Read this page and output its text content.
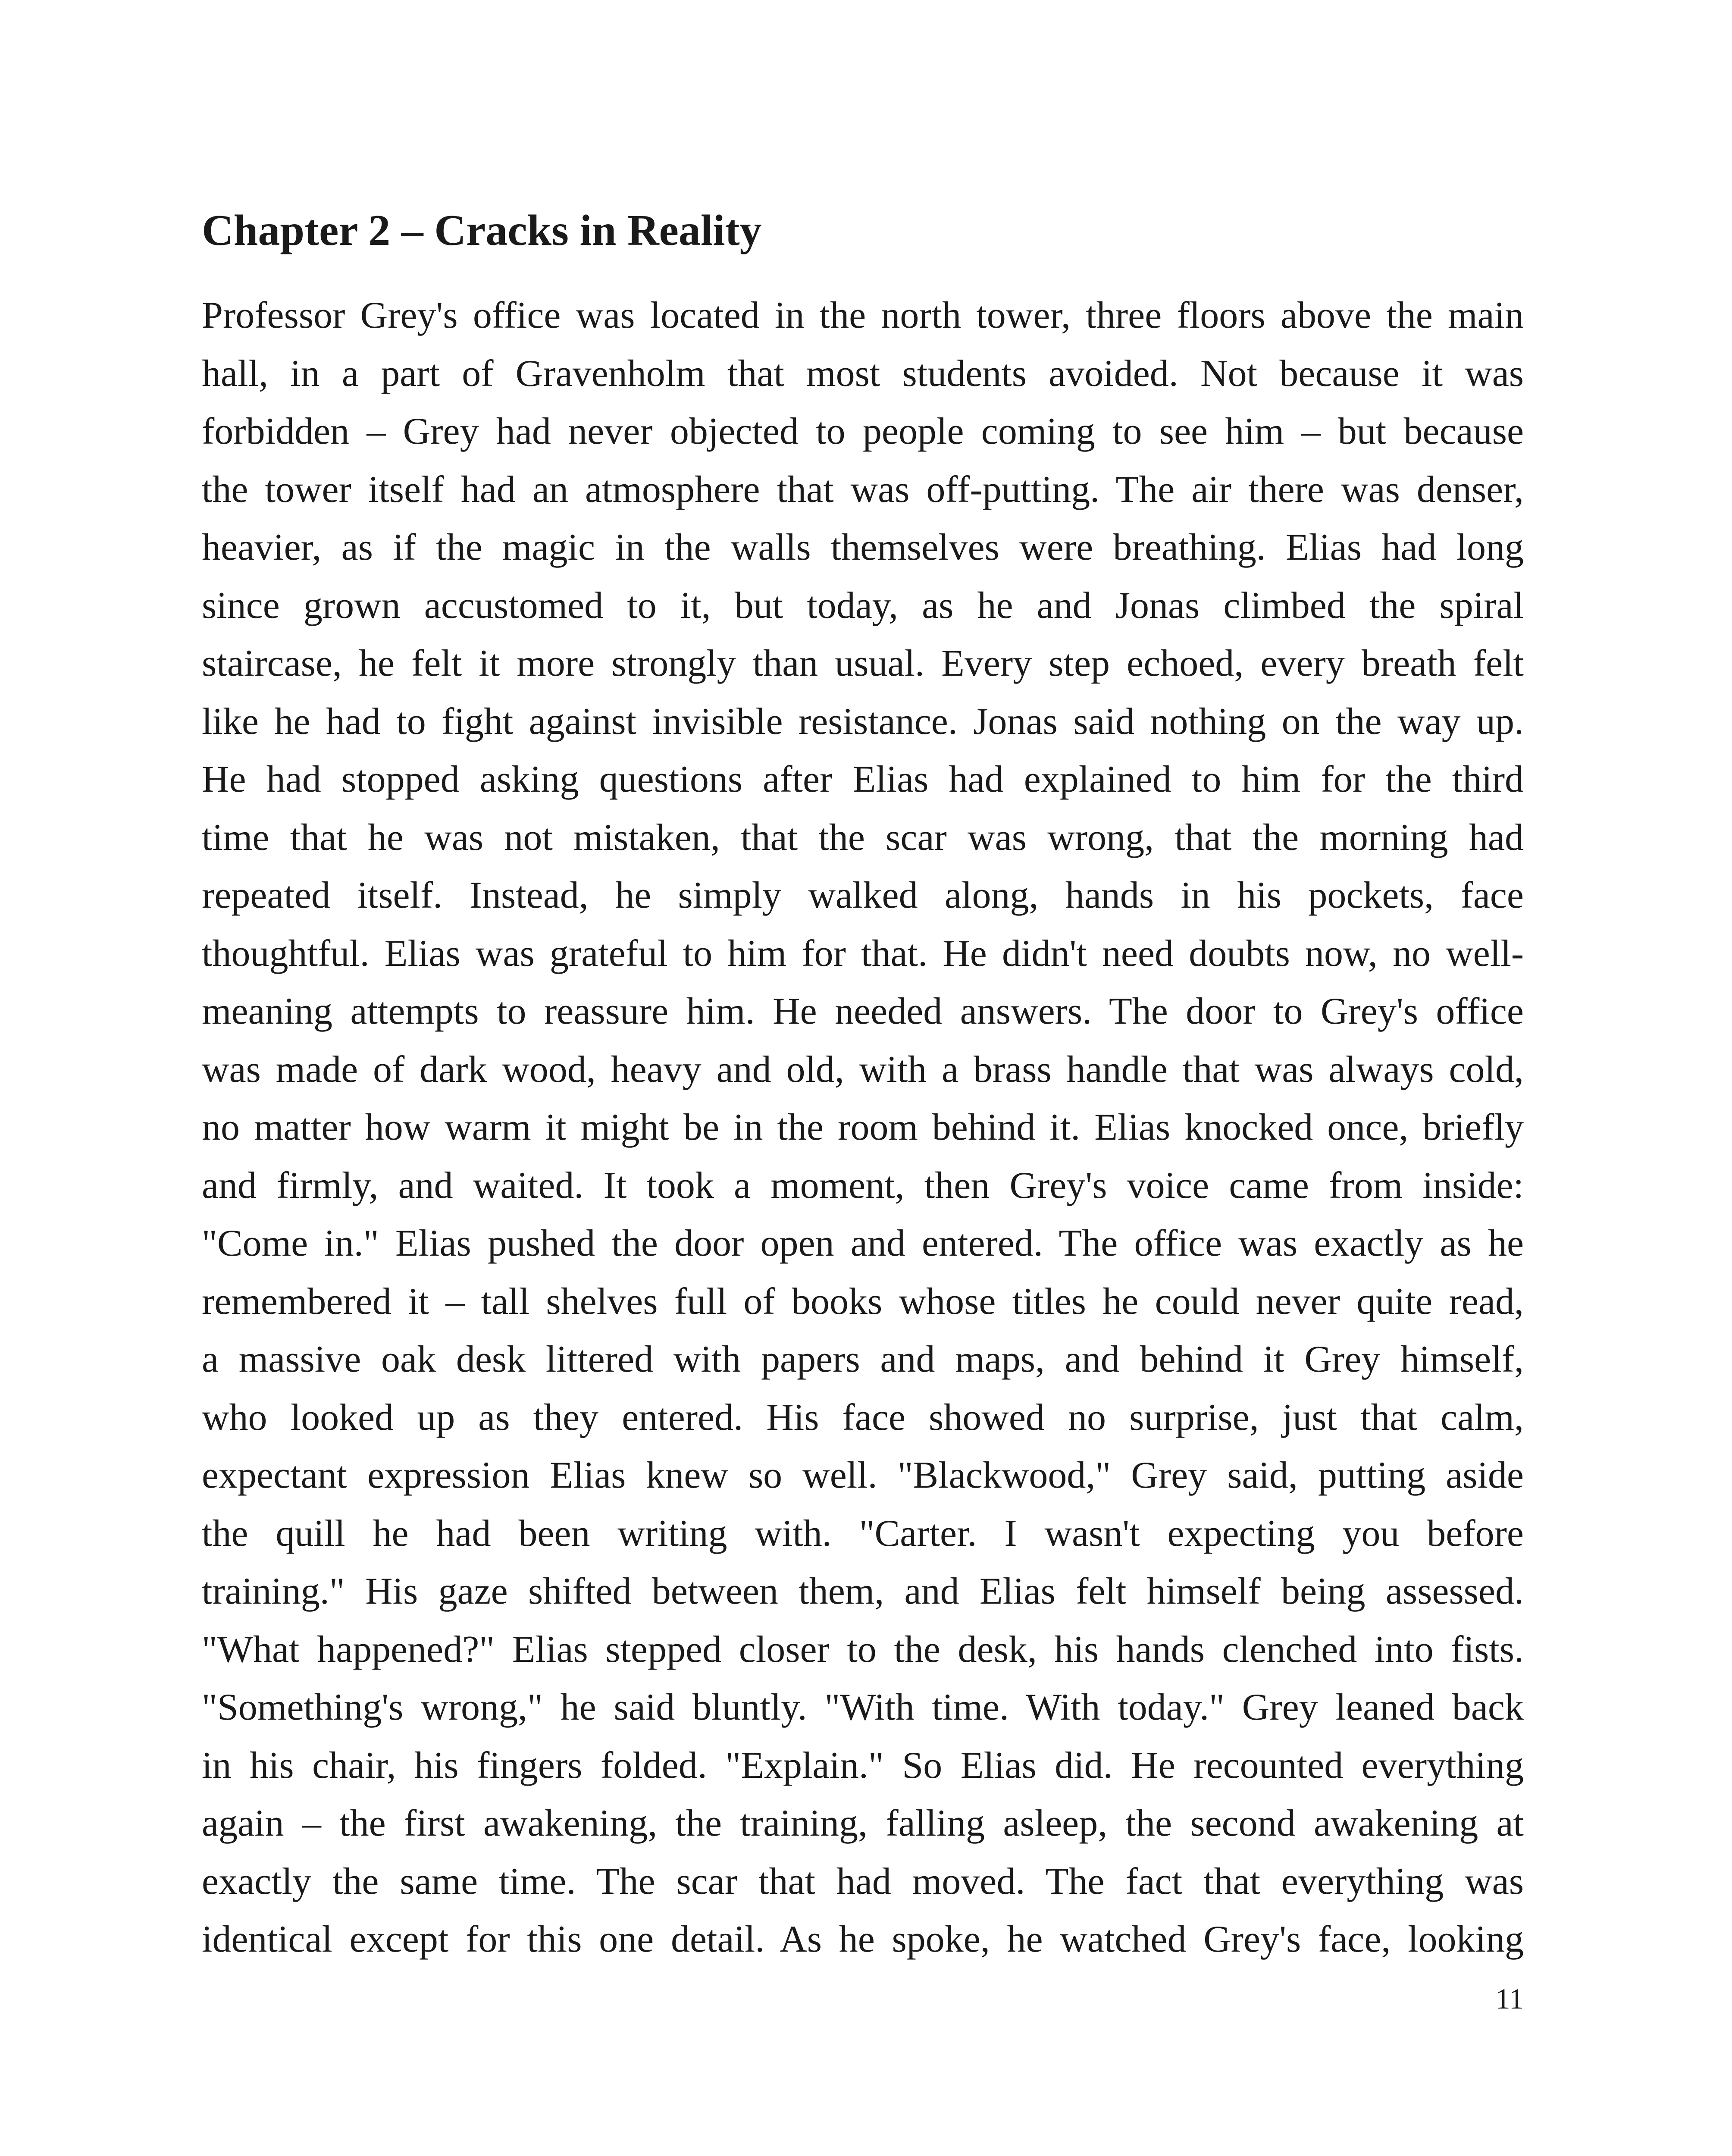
Chapter 2 – Cracks in Reality
Professor Grey's office was located in the north tower, three floors above the main
hall, in a part of Gravenholm that most students avoided. Not because it was
forbidden – Grey had never objected to people coming to see him – but because
the tower itself had an atmosphere that was off-putting. The air there was denser,
heavier, as if the magic in the walls themselves were breathing. Elias had long
since grown accustomed to it, but today, as he and Jonas climbed the spiral
staircase, he felt it more strongly than usual. Every step echoed, every breath felt
like he had to fight against invisible resistance. Jonas said nothing on the way up.
He had stopped asking questions after Elias had explained to him for the third
time that he was not mistaken, that the scar was wrong, that the morning had
repeated itself. Instead, he simply walked along, hands in his pockets, face
thoughtful. Elias was grateful to him for that. He didn't need doubts now, no well-
meaning attempts to reassure him. He needed answers. The door to Grey's office
was made of dark wood, heavy and old, with a brass handle that was always cold,
no matter how warm it might be in the room behind it. Elias knocked once, briefly
and firmly, and waited. It took a moment, then Grey's voice came from inside:
"Come in." Elias pushed the door open and entered. The office was exactly as he
remembered it – tall shelves full of books whose titles he could never quite read,
a massive oak desk littered with papers and maps, and behind it Grey himself,
who looked up as they entered. His face showed no surprise, just that calm,
expectant expression Elias knew so well. "Blackwood," Grey said, putting aside
the quill he had been writing with. "Carter. I wasn't expecting you before
training." His gaze shifted between them, and Elias felt himself being assessed.
"What happened?" Elias stepped closer to the desk, his hands clenched into fists.
"Something's wrong," he said bluntly. "With time. With today." Grey leaned back
in his chair, his fingers folded. "Explain." So Elias did. He recounted everything
again – the first awakening, the training, falling asleep, the second awakening at
exactly the same time. The scar that had moved. The fact that everything was
identical except for this one detail. As he spoke, he watched Grey's face, looking
11
